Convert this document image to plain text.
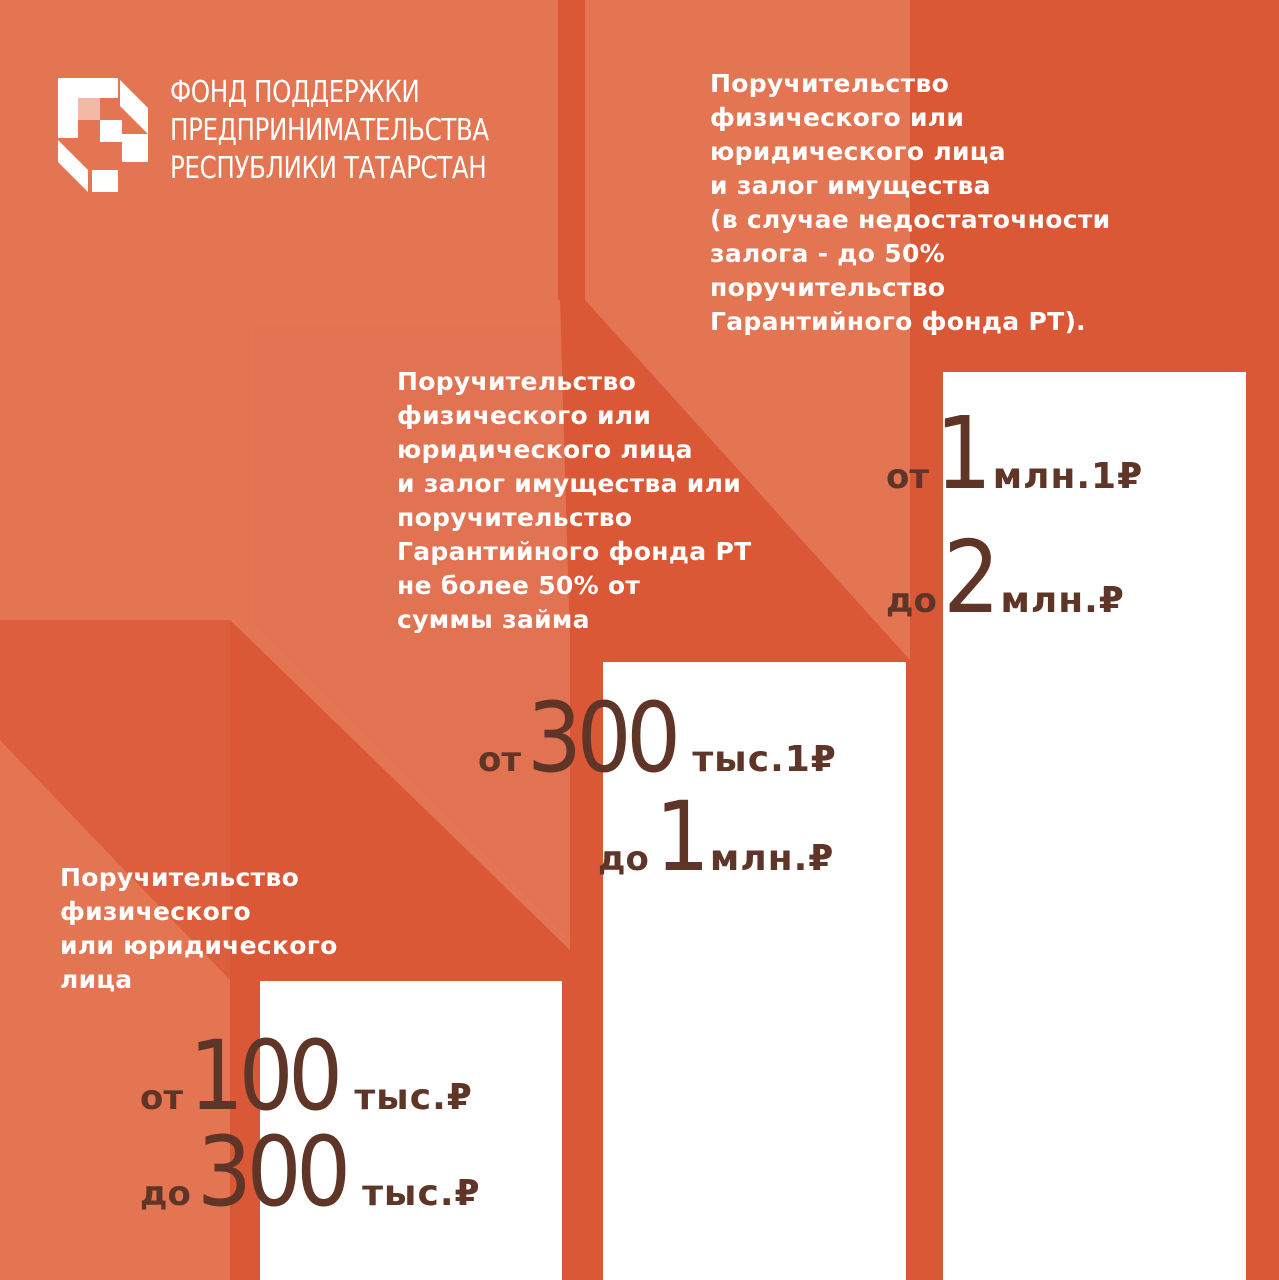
ФОНД ПОДДЕРЖКИ
ПРЕДПРИНИМАТЕЛЬСТВА
РЕСПУБЛИКИ ТАТАРСТАН
Поручительство
физического или
юридического лица
и залог имущества
(в случае недостаточности
залога - до 50%
поручительство
Гарантийного фонда РТ).
Поручительство
физического или
юридического лица
и залог имущества или
поручительство
Гарантийного фонда РТ
не более 50% от
суммы займа
Поручительство
физического
или юридического
лица
от100 тыс.₽
до300 тыс.₽
от300 тыс.1₽
до1 млн.₽
от1 млн.1₽
до2 млн.₽
